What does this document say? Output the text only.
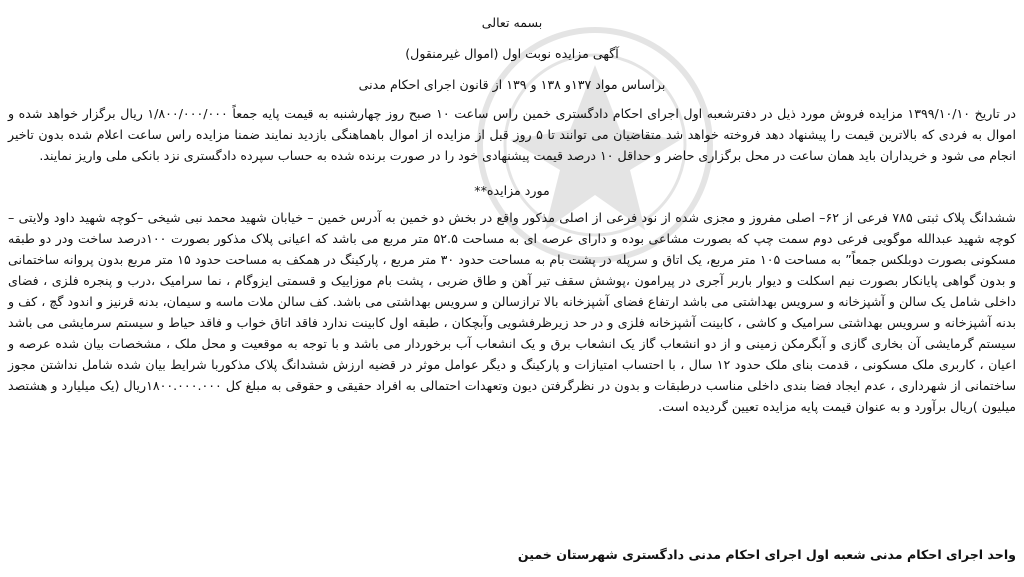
بسمه تعالی

آگهی مزایده نوبت اول (اموال غیرمنقول)

براساس مواد ۱۳۷و ۱۳۸ و ۱۳۹ از قانون اجرای احکام مدنی

در تاریخ ۱۳۹۹/۱۰/۱۰ مزایده فروش مورد ذیل در دفترشعبه اول اجرای احکام دادگستری خمین راس ساعت ۱۰ صبح روز چهارشنبه به قیمت پایه جمعاً ۱/۸۰۰/۰۰۰/۰۰۰ ریال برگزار خواهد شده و اموال به فردی که بالاترین قیمت را پیشنهاد دهد فروخته خواهد شد متقاضیان می توانند تا ۵ روز قبل از مزایده از اموال باهماهنگی بازدید نمایند ضمنا مزایده راس ساعت اعلام شده بدون تاخیر انجام می شود و خریداران باید همان ساعت در محل برگزاری حاضر و حداقل ۱۰ درصد قیمت پیشنهادی خود را در صورت برنده شده به حساب سپرده دادگستری نزد بانکی ملی واریز نمایند.

مورد مزایده**

ششدانگ پلاک ثبتی ۷۸۵ فرعی از ۶۲– اصلی مفروز و مجزی شده از نود فرعی از اصلی مذکور واقع در بخش دو خمین به آدرس خمین – خیابان شهید محمد نبی شیخی –کوچه شهید داود ولایتی – کوچه شهید عبدالله موگویی فرعی دوم سمت چپ که بصورت مشاعی بوده و دارای عرصه ای به مساحت ۵۲.۵ متر مربع می باشد که اعیانی پلاک مذکور بصورت ۱۰۰درصد ساخت ودر دو طبقه مسکونی بصورت دوبلکس جمعاً” به مساحت ۱۰۵ متر مربع، یک اتاق و سرپله در پشت بام به مساحت حدود ۳۰ متر مربع ، پارکینگ در همکف به مساحت حدود ۱۵ متر مربع بدون پروانه ساختمانی و بدون گواهی پایانکار بصورت نیم اسکلت و دیوار باربر آجری در پیرامون ،پوشش سقف تیر آهن و طاق ضربی ، پشت بام موزاییک و قسمتی ایزوگام ، نما سرامیک ،درب و پنجره فلزی ، فضای داخلی شامل یک سالن و آشپزخانه و سرویس بهداشتی می باشد ارتفاع فضای آشپزخانه بالا ترازسالن و سرویس بهداشتی می باشد. کف سالن ملات ماسه و سیمان، بدنه قرنیز و اندود گچ ، کف و بدنه آشپزخانه و سرویس بهداشتی سرامیک و کاشی ، کابینت آشپزخانه فلزی و در حد زیرظرفشویی وآبچکان ، طبقه اول کابینت ندارد فاقد اتاق خواب و فاقد حیاط و سیستم سرمایشی می باشد سیستم گرمایشی آن بخاری گازی و آبگرمکن زمینی و از دو انشعاب گاز یک انشعاب برق و یک انشعاب آب برخوردار می باشد و با توجه به موقعیت و محل ملک ، مشخصات بیان شده عرصه و اعیان ، کاربری ملک مسکونی ، قدمت بنای ملک حدود ۱۲ سال ، با احتساب امتیازات و پارکینگ و دیگر عوامل موثر در قضیه ارزش ششدانگ پلاک مذکوربا شرایط بیان شده شامل نداشتن مجوز ساختمانی از شهرداری ، عدم ایجاد فضا بندی داخلی مناسب درطبقات و بدون در نظرگرفتن دیون وتعهدات احتمالی به افراد حقیقی و حقوقی به مبلغ کل ۱۸۰۰.۰۰۰.۰۰۰ریال (یک میلیارد و هشتصد میلیون )ریال برآورد و به عنوان قیمت پایه مزایده تعیین گردیده است.

واحد اجرای احکام مدنی شعبه اول اجرای احکام مدنی دادگستری شهرستان خمین
